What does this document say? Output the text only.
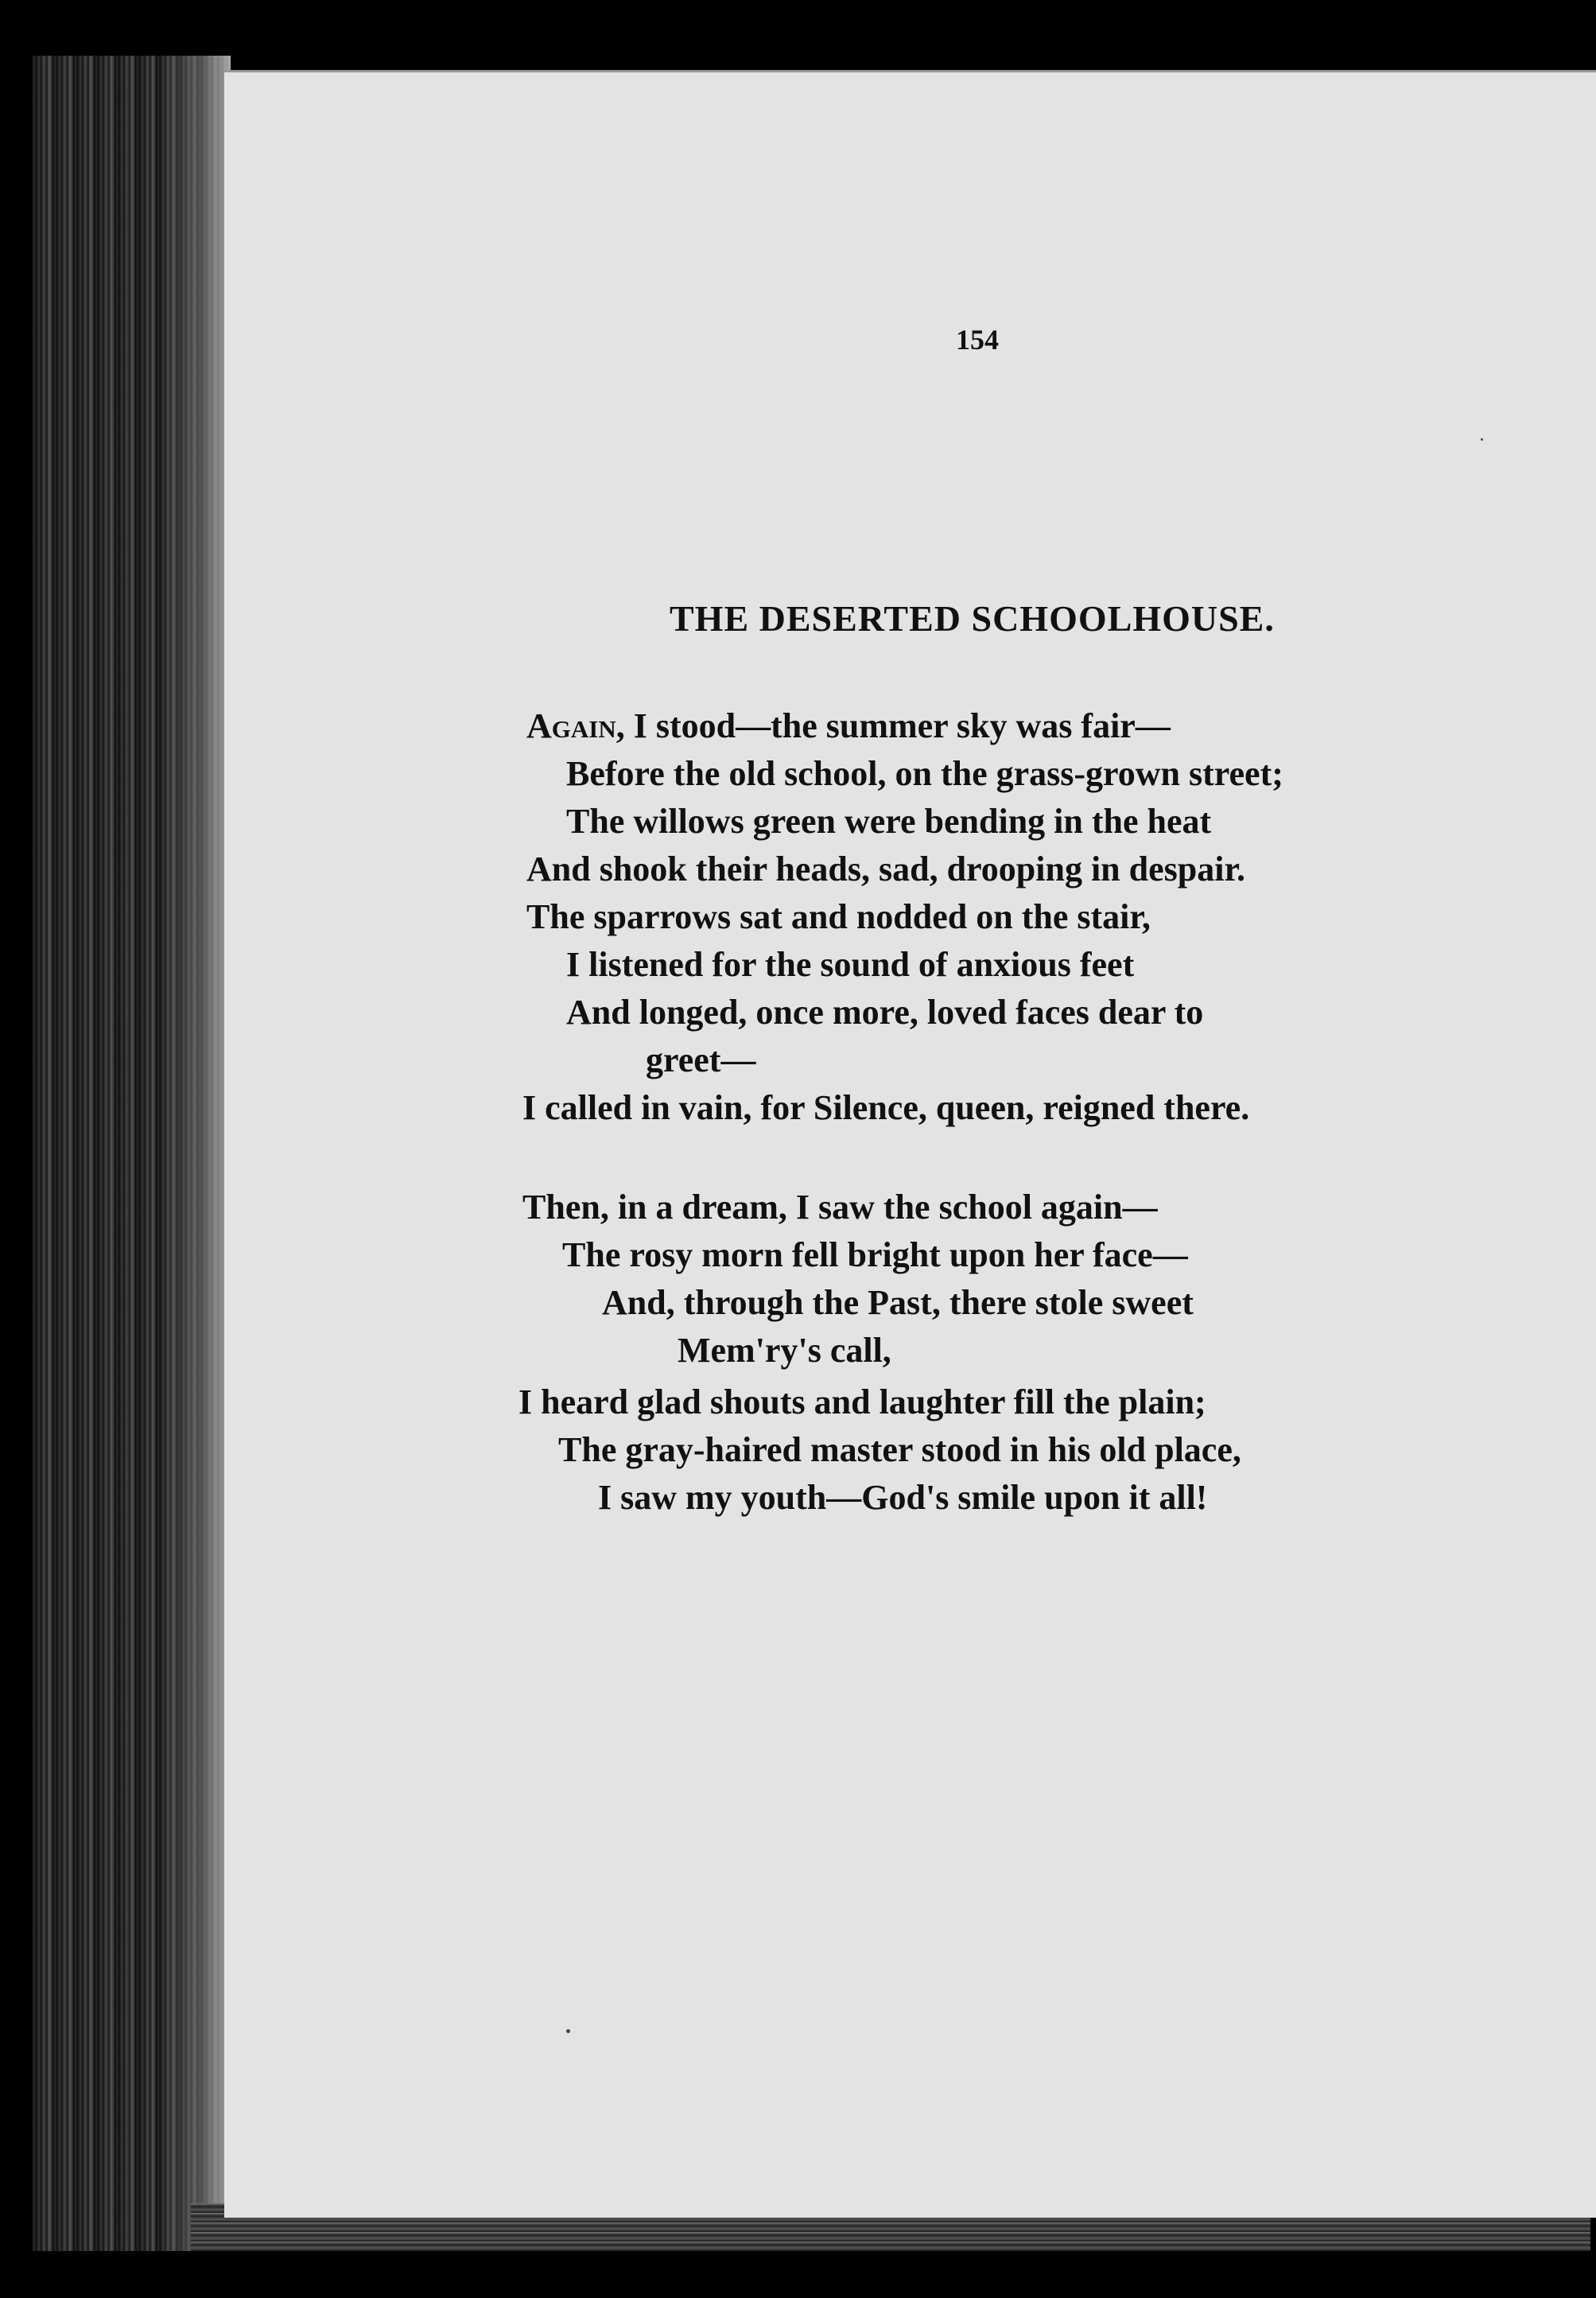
154
THE DESERTED SCHOOLHOUSE.
Again, I stood—the summer sky was fair—
Before the old school, on the grass-grown street;
The willows green were bending in the heat
And shook their heads, sad, drooping in despair.
The sparrows sat and nodded on the stair,
I listened for the sound of anxious feet
And longed, once more, loved faces dear to
greet—
I called in vain, for Silence, queen, reigned there.
Then, in a dream, I saw the school again—
The rosy morn fell bright upon her face—
And, through the Past, there stole sweet
Mem'ry's call,
I heard glad shouts and laughter fill the plain;
The gray-haired master stood in his old place,
I saw my youth—God's smile upon it all!
